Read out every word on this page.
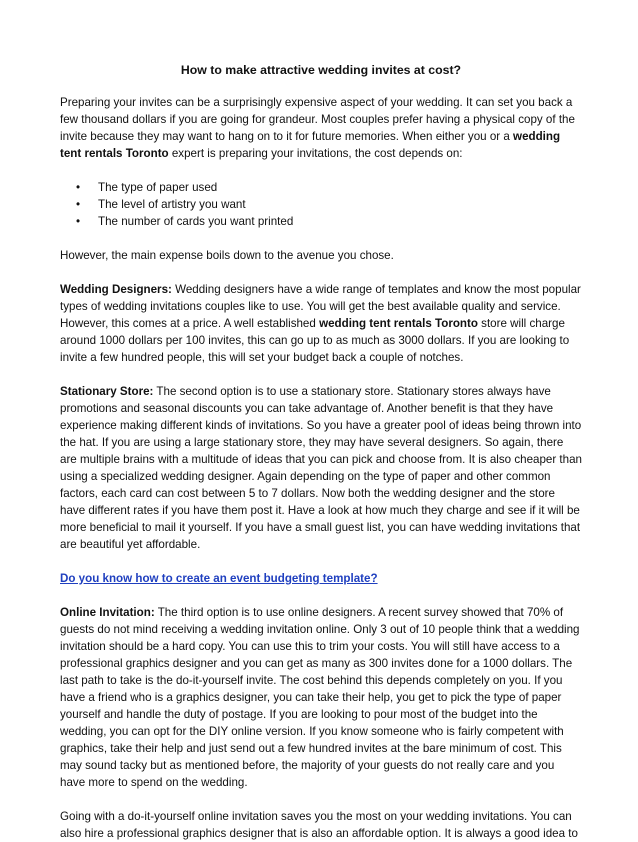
How to make attractive wedding invites at cost?

Preparing your invites can be a surprisingly expensive aspect of your wedding. It can set you back a few thousand dollars if you are going for grandeur. Most couples prefer having a physical copy of the invite because they may want to hang on to it for future memories. When either you or a wedding tent rentals Toronto expert is preparing your invitations, the cost depends on:

• The type of paper used
• The level of artistry you want
• The number of cards you want printed

However, the main expense boils down to the avenue you chose.

Wedding Designers: Wedding designers have a wide range of templates and know the most popular types of wedding invitations couples like to use. You will get the best available quality and service. However, this comes at a price. A well established wedding tent rentals Toronto store will charge around 1000 dollars per 100 invites, this can go up to as much as 3000 dollars. If you are looking to invite a few hundred people, this will set your budget back a couple of notches.

Stationary Store: The second option is to use a stationary store. Stationary stores always have promotions and seasonal discounts you can take advantage of. Another benefit is that they have experience making different kinds of invitations. So you have a greater pool of ideas being thrown into the hat. If you are using a large stationary store, they may have several designers. So again, there are multiple brains with a multitude of ideas that you can pick and choose from. It is also cheaper than using a specialized wedding designer. Again depending on the type of paper and other common factors, each card can cost between 5 to 7 dollars. Now both the wedding designer and the store have different rates if you have them post it. Have a look at how much they charge and see if it will be more beneficial to mail it yourself. If you have a small guest list, you can have wedding invitations that are beautiful yet affordable.

Do you know how to create an event budgeting template?

Online Invitation: The third option is to use online designers. A recent survey showed that 70% of guests do not mind receiving a wedding invitation online. Only 3 out of 10 people think that a wedding invitation should be a hard copy. You can use this to trim your costs. You will still have access to a professional graphics designer and you can get as many as 300 invites done for a 1000 dollars. The last path to take is the do-it-yourself invite. The cost behind this depends completely on you. If you have a friend who is a graphics designer, you can take their help, you get to pick the type of paper yourself and handle the duty of postage. If you are looking to pour most of the budget into the wedding, you can opt for the DIY online version. If you know someone who is fairly competent with graphics, take their help and just send out a few hundred invites at the bare minimum of cost. This may sound tacky but as mentioned before, the majority of your guests do not really care and you have more to spend on the wedding.

Going with a do-it-yourself online invitation saves you the most on your wedding invitations. You can also hire a professional graphics designer that is also an affordable option. It is always a good idea to
